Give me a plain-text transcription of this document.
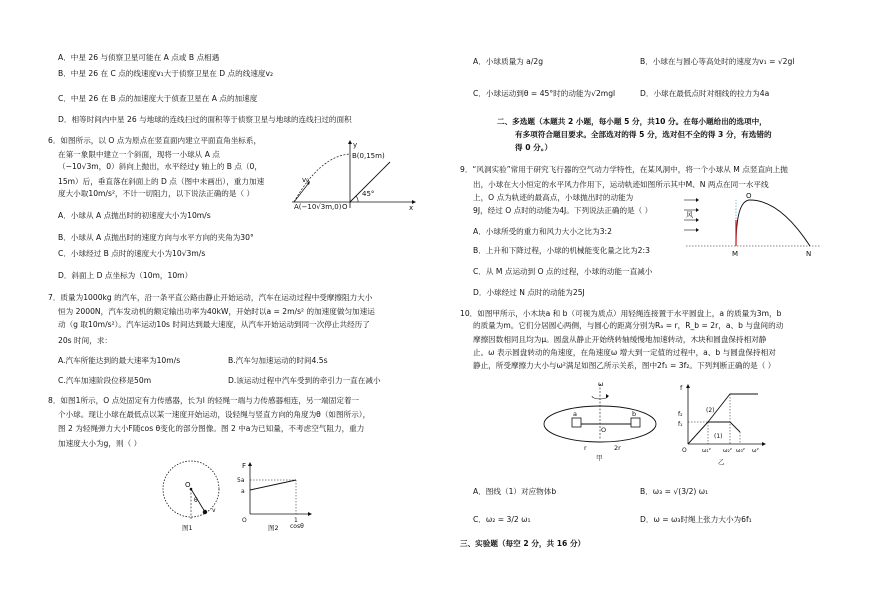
A．中星 26 与侦察卫星可能在 A 点或 B 点相遇
B．中星 26 在 C 点的线速度v₁大于侦察卫星在 D 点的线速度v₂
C．中星 26 在 B 点的加速度大于侦查卫星在 A 点的加速度
D．相等时间内中星 26 与地球的连线扫过的面积等于侦察卫星与地球的连线扫过的面积
6．如图所示，以 O 点为原点在竖直面内建立平面直角坐标系，
在第一象限中建立一个斜面，现将一小球从 A 点
（−10√3m，0）斜向上抛出，水平经过y 轴上的 B 点（0，
15m）后，垂直落在斜面上的 D 点（图中未画出），重力加速
度大小取10m/s²，不计一切阻力，以下说法正确的是（ ）
A．小球从 A 点抛出时的初速度大小为10m/s
B．小球从 A 点抛出时的速度方向与水平方向的夹角为30°
C．小球经过 B 点时的速度大小为10√3m/s
D．斜面上 D 点坐标为（10m，10m）
y
x
B(0,15m)
45°
A(−10√3m,0) O
v₀
7．质量为1000kg 的汽车，沿一条平直公路由静止开始运动，汽车在运动过程中受摩擦阻力大小
恒为 2000N，汽车发动机的额定输出功率为40kW，开始时以a = 2m/s² 的加速度做匀加速运
动（g 取10m/s²）。汽车运动10s 时间达到最大速度，从汽车开始运动到同一次停止共经历了
20s 时间，求：
A.汽车所能达到的最大速率为10m/s	B.汽车匀加速运动的时间4.5s
C.汽车加速阶段位移是50m	D.该运动过程中汽车受到的牵引力一直在减小
8．如图1所示，O 点处固定有力传感器，长为l 的轻绳一端与力传感器相连，另一端固定着一
个小球。现让小球在最低点以某一速度开始运动，设轻绳与竖直方向的角度为θ（如图所示），
图 2 为轻绳弹力大小F随cos θ变化的部分图像。图 2 中a为已知量，不考虑空气阻力，重力
加速度大小为g，则（ ）
O
θ
v
图1
F
5a
a
O	1
cosθ
图2
A．小球质量为 a/2g	B．小球在与圆心等高处时的速度为v₁ = √2gl
C．小球运动到θ = 45°时的动能为√2mgl	D．小球在最低点时对细线的拉力为4a
二、多选题（本题共 2 小题，每小题 5 分，共10 分。在每小题给出的选项中，
有多项符合题目要求。全部选对的得 5 分，选对但不全的得 3 分，有选错的
得 0 分。）
9．“风洞实验”常用于研究飞行器的空气动力学特性，在某风洞中，将一个小球从 M 点竖直向上抛
出，小球在大小恒定的水平风力作用下，运动轨迹如图所示其中M、N 两点在同一水平线
上，O 点为轨迹的最高点，小球抛出时的动能为
9J，经过 O 点时的动能为4J。下列说法正确的是（ ）
A．小球所受的重力和风力大小之比为3:2
B．上升和下降过程，小球的机械能变化量之比为2:3
C．从 M 点运动到 O 点的过程，小球的动能一直减小
D．小球经过 N 点时的动能为25J
风
O
M	N
10．如图甲所示，小木块a 和 b（可视为质点）用轻绳连接置于水平圆盘上，a 的质量为3m，b
的质量为m。它们分居圆心两侧，与圆心的距离分别为Rₐ = r，R_b = 2r，a、b 与盘间的动
摩擦因数相同且均为μ。圆盘从静止开始绕转轴缓慢地加速转动，木块和圆盘保持相对静
止。ω 表示圆盘转动的角速度，在角速度ω 增大到一定值的过程中，a、b 与圆盘保持相对
静止，所受摩擦力大小与ω²满足如图乙所示关系，图中2f₁ = 3f₂。下列判断正确的是（ ）
ω
a	b
O
r	2r
甲
f
f₂
f₁
(2)
(1)
O	ω₁² ω₂² ω₃² ω²
乙
A．图线（1）对应物体b	B．ω₃ = √(3/2) ω₁
C．ω₂ = 3/2 ω₁	D．ω = ω₃时绳上张力大小为6f₁
三、实验题（每空 2 分，共 16 分）
